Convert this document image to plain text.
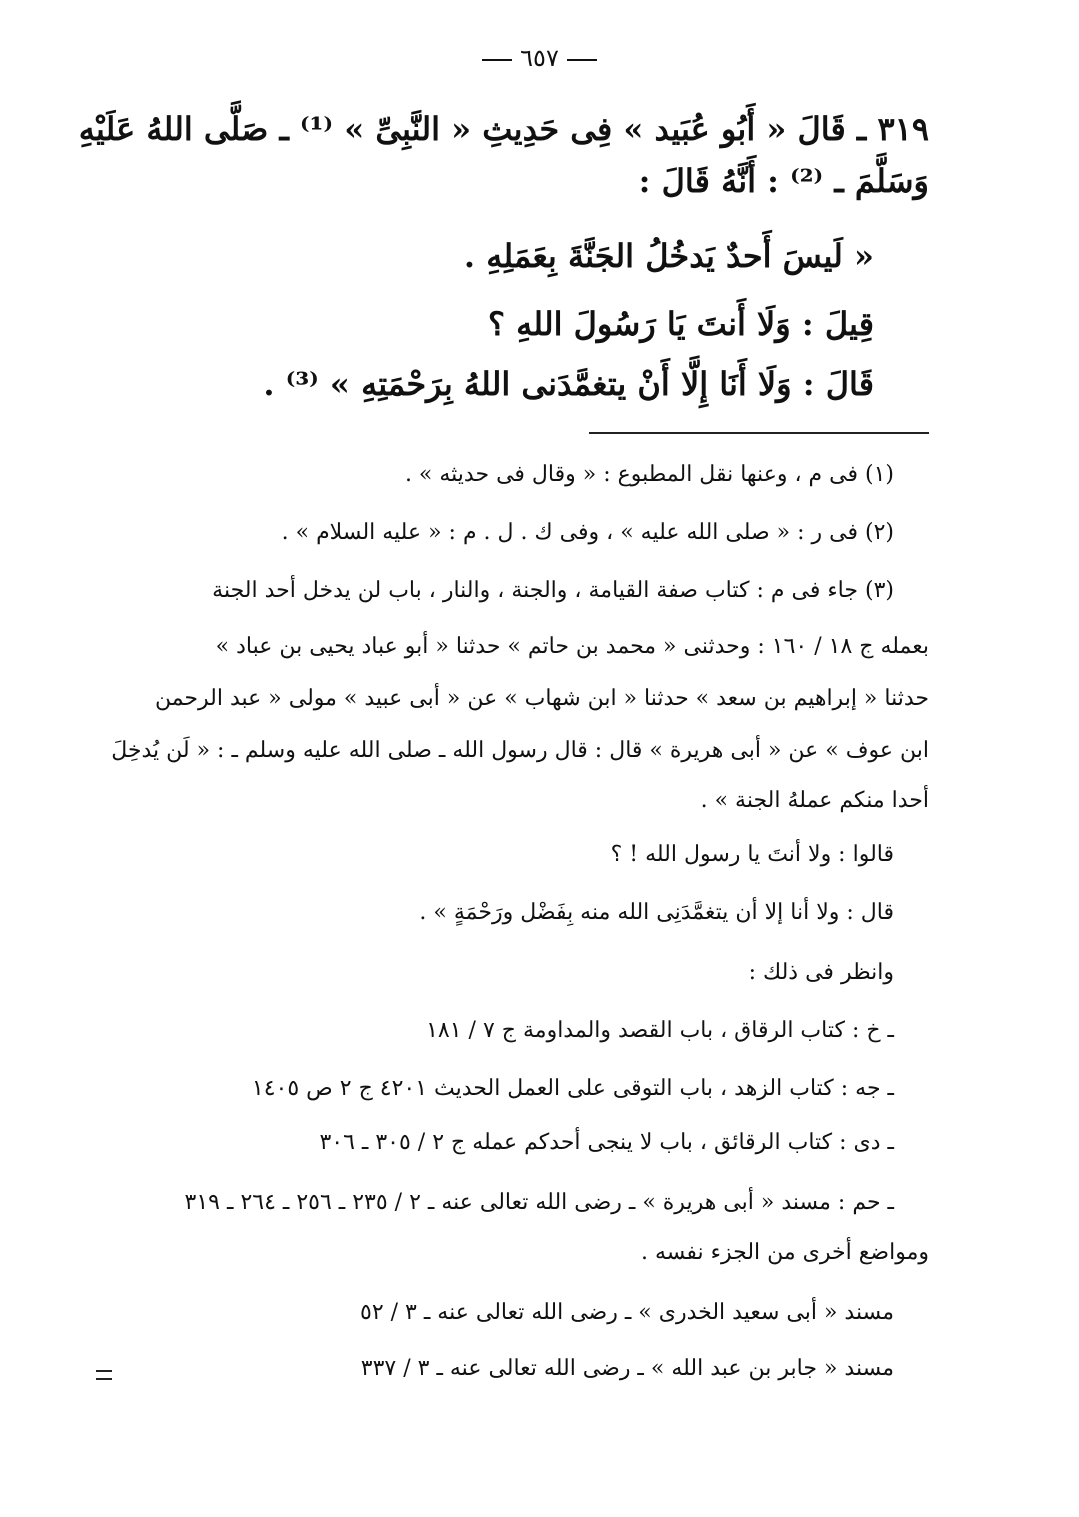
٦٥٧
٣١٩ ـ قَالَ « أَبُو عُبَيد » فِى حَدِيثِ « النَّبِىِّ » ⁽¹⁾ ـ صَلَّى اللهُ عَلَيْهِ
وَسَلَّمَ ـ ⁽²⁾ : أَنَّهُ قَالَ :
« لَيسَ أَحدٌ يَدخُلُ الجَنَّةَ بِعَمَلِهِ .
قِيلَ : وَلَا أَنتَ يَا رَسُولَ اللهِ ؟
قَالَ : وَلَا أَنَا إِلَّا أَنْ يتغمَّدَنى اللهُ بِرَحْمَتِهِ » ⁽³⁾ .
(١) فى م ، وعنها نقل المطبوع : « وقال فى حديثه » .
(٢) فى ر : « صلى الله عليه » ، وفى ك . ل . م : « عليه السلام » .
(٣) جاء فى م : كتاب صفة القيامة ، والجنة ، والنار ، باب لن يدخل أحد الجنة
بعمله ج ١٨ / ١٦٠ : وحدثنى « محمد بن حاتم » حدثنا « أبو عباد يحيى بن عباد »
حدثنا « إبراهيم بن سعد » حدثنا « ابن شهاب » عن « أبى عبيد » مولى « عبد الرحمن
ابن عوف » عن « أبى هريرة » قال : قال رسول الله ـ صلى الله عليه وسلم ـ : « لَن يُدخِلَ
أحدا منكم عملهُ الجنة » .
قالوا : ولا أنتَ يا رسول الله ! ؟
قال : ولا أنا إلا أن يتغمَّدَنِى الله منه بِفَضْل ورَحْمَةٍ » .
وانظر فى ذلك :
ـ خ : كتاب الرقاق ، باب القصد والمداومة ج ٧ / ١٨١
ـ جه : كتاب الزهد ، باب التوقى على العمل الحديث ٤٢٠١ ج ٢ ص ١٤٠٥
ـ دى : كتاب الرقائق ، باب لا ينجى أحدكم عمله ج ٢ / ٣٠٥ ـ ٣٠٦
ـ حم : مسند « أبى هريرة » ـ رضى الله تعالى عنه ـ ٢ / ٢٣٥ ـ ٢٥٦ ـ ٢٦٤ ـ ٣١٩
ومواضع أخرى من الجزء نفسه .
مسند « أبى سعيد الخدرى » ـ رضى الله تعالى عنه ـ ٣ / ٥٢
مسند « جابر بن عبد الله » ـ رضى الله تعالى عنه ـ ٣ / ٣٣٧
